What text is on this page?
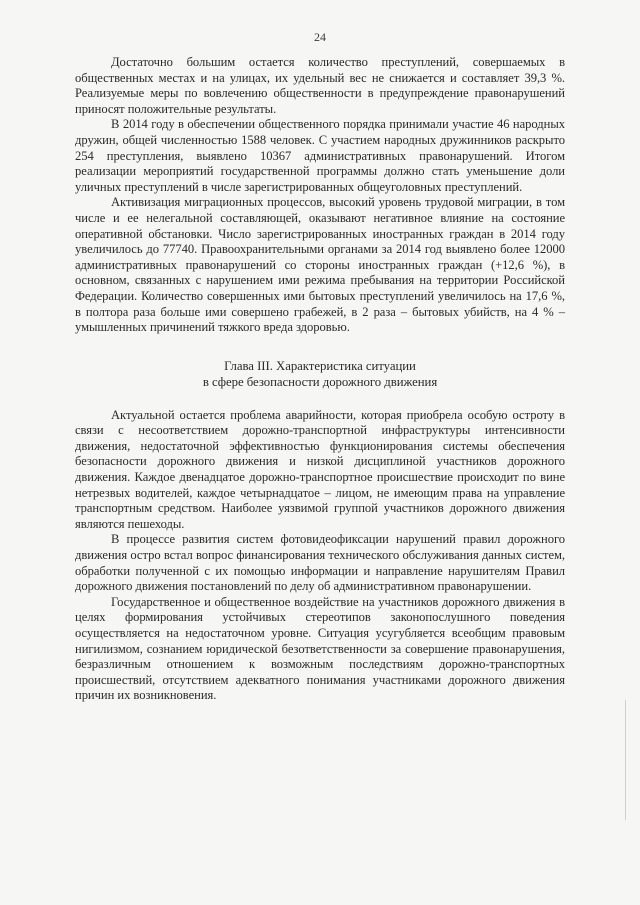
24

Достаточно большим остается количество преступлений, совершаемых в общественных местах и на улицах, их удельный вес не снижается и составляет 39,3 %. Реализуемые меры по вовлечению общественности в предупреждение правонарушений приносят положительные результаты.

В 2014 году в обеспечении общественного порядка принимали участие 46 народных дружин, общей численностью 1588 человек. С участием народных дружинников раскрыто 254 преступления, выявлено 10367 административных правонарушений. Итогом реализации мероприятий государственной программы должно стать уменьшение доли уличных преступлений в числе зарегистрированных общеуголовных преступлений.

Активизация миграционных процессов, высокий уровень трудовой миграции, в том числе и ее нелегальной составляющей, оказывают негативное влияние на состояние оперативной обстановки. Число зарегистрированных иностранных граждан в 2014 году увеличилось до 77740. Правоохранительными органами за 2014 год выявлено более 12000 административных правонарушений со стороны иностранных граждан (+12,6 %), в основном, связанных с нарушением ими режима пребывания на территории Российской Федерации. Количество совершенных ими бытовых преступлений увеличилось на 17,6 %, в полтора раза больше ими совершено грабежей, в 2 раза – бытовых убийств, на 4 % – умышленных причинений тяжкого вреда здоровью.

Глава III. Характеристика ситуации
в сфере безопасности дорожного движения

Актуальной остается проблема аварийности, которая приобрела особую остроту в связи с несоответствием дорожно-транспортной инфраструктуры интенсивности движения, недостаточной эффективностью функционирования системы обеспечения безопасности дорожного движения и низкой дисциплиной участников дорожного движения. Каждое двенадцатое дорожно-транспортное происшествие происходит по вине нетрезвых водителей, каждое четырнадцатое – лицом, не имеющим права на управление транспортным средством. Наиболее уязвимой группой участников дорожного движения являются пешеходы.

В процессе развития систем фотовидеофиксации нарушений правил дорожного движения остро встал вопрос финансирования технического обслуживания данных систем, обработки полученной с их помощью информации и направление нарушителям Правил дорожного движения постановлений по делу об административном правонарушении.

Государственное и общественное воздействие на участников дорожного движения в целях формирования устойчивых стереотипов законопослушного поведения осуществляется на недостаточном уровне. Ситуация усугубляется всеобщим правовым нигилизмом, сознанием юридической безответственности за совершение правонарушения, безразличным отношением к возможным последствиям дорожно-транспортных происшествий, отсутствием адекватного понимания участниками дорожного движения причин их возникновения.
